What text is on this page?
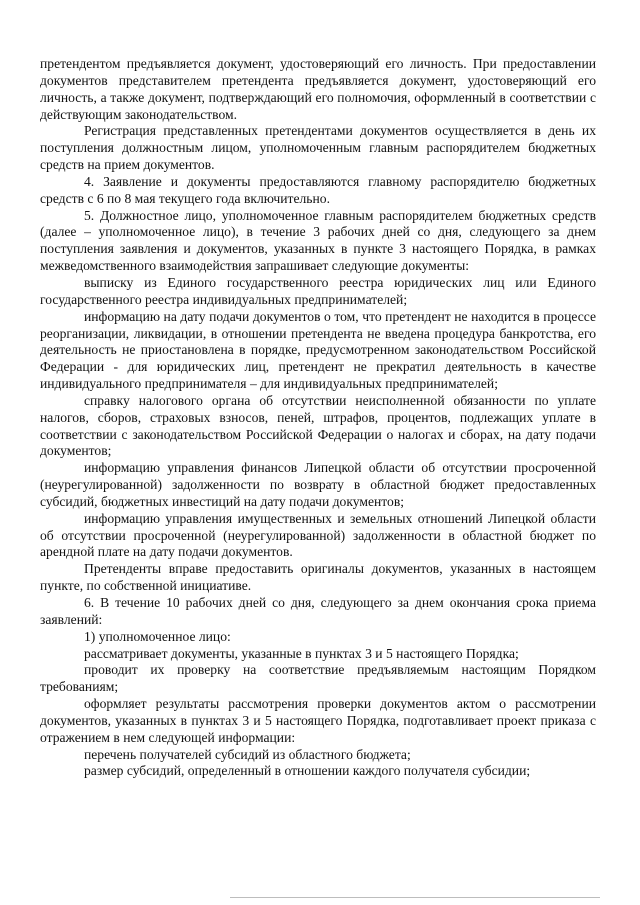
претендентом предъявляется документ, удостоверяющий его личность. При предоставлении документов представителем претендента предъявляется документ, удостоверяющий его личность, а также документ, подтверждающий его полномочия, оформленный в соответствии с действующим законодательством.

Регистрация представленных претендентами документов осуществляется в день их поступления должностным лицом, уполномоченным главным распорядителем бюджетных средств на прием документов.

4. Заявление и документы предоставляются главному распорядителю бюджетных средств с 6 по 8 мая текущего года включительно.

5. Должностное лицо, уполномоченное главным распорядителем бюджетных средств (далее – уполномоченное лицо), в течение 3 рабочих дней со дня, следующего за днем поступления заявления и документов, указанных в пункте 3 настоящего Порядка, в рамках межведомственного взаимодействия запрашивает следующие документы:

выписку из Единого государственного реестра юридических лиц или Единого государственного реестра индивидуальных предпринимателей;

информацию на дату подачи документов о том, что претендент не находится в процессе реорганизации, ликвидации, в отношении претендента не введена процедура банкротства, его деятельность не приостановлена в порядке, предусмотренном законодательством Российской Федерации - для юридических лиц, претендент не прекратил деятельность в качестве индивидуального предпринимателя – для индивидуальных предпринимателей;

справку налогового органа об отсутствии неисполненной обязанности по уплате налогов, сборов, страховых взносов, пеней, штрафов, процентов, подлежащих уплате в соответствии с законодательством Российской Федерации о налогах и сборах, на дату подачи документов;

информацию управления финансов Липецкой области об отсутствии просроченной (неурегулированной) задолженности по возврату в областной бюджет предоставленных субсидий, бюджетных инвестиций на дату подачи документов;

информацию управления имущественных и земельных отношений Липецкой области об отсутствии просроченной (неурегулированной) задолженности в областной бюджет по арендной плате на дату подачи документов.

Претенденты вправе предоставить оригиналы документов, указанных в настоящем пункте, по собственной инициативе.

6. В течение 10 рабочих дней со дня, следующего за днем окончания срока приема заявлений:

1) уполномоченное лицо:

рассматривает документы, указанные в пунктах 3 и 5 настоящего Порядка;

проводит их проверку на соответствие предъявляемым настоящим Порядком требованиям;

оформляет результаты рассмотрения проверки документов актом о рассмотрении документов, указанных в пунктах 3 и 5 настоящего Порядка, подготавливает проект приказа с отражением в нем следующей информации:

перечень получателей субсидий из областного бюджета;

размер субсидий, определенный в отношении каждого получателя субсидии;
